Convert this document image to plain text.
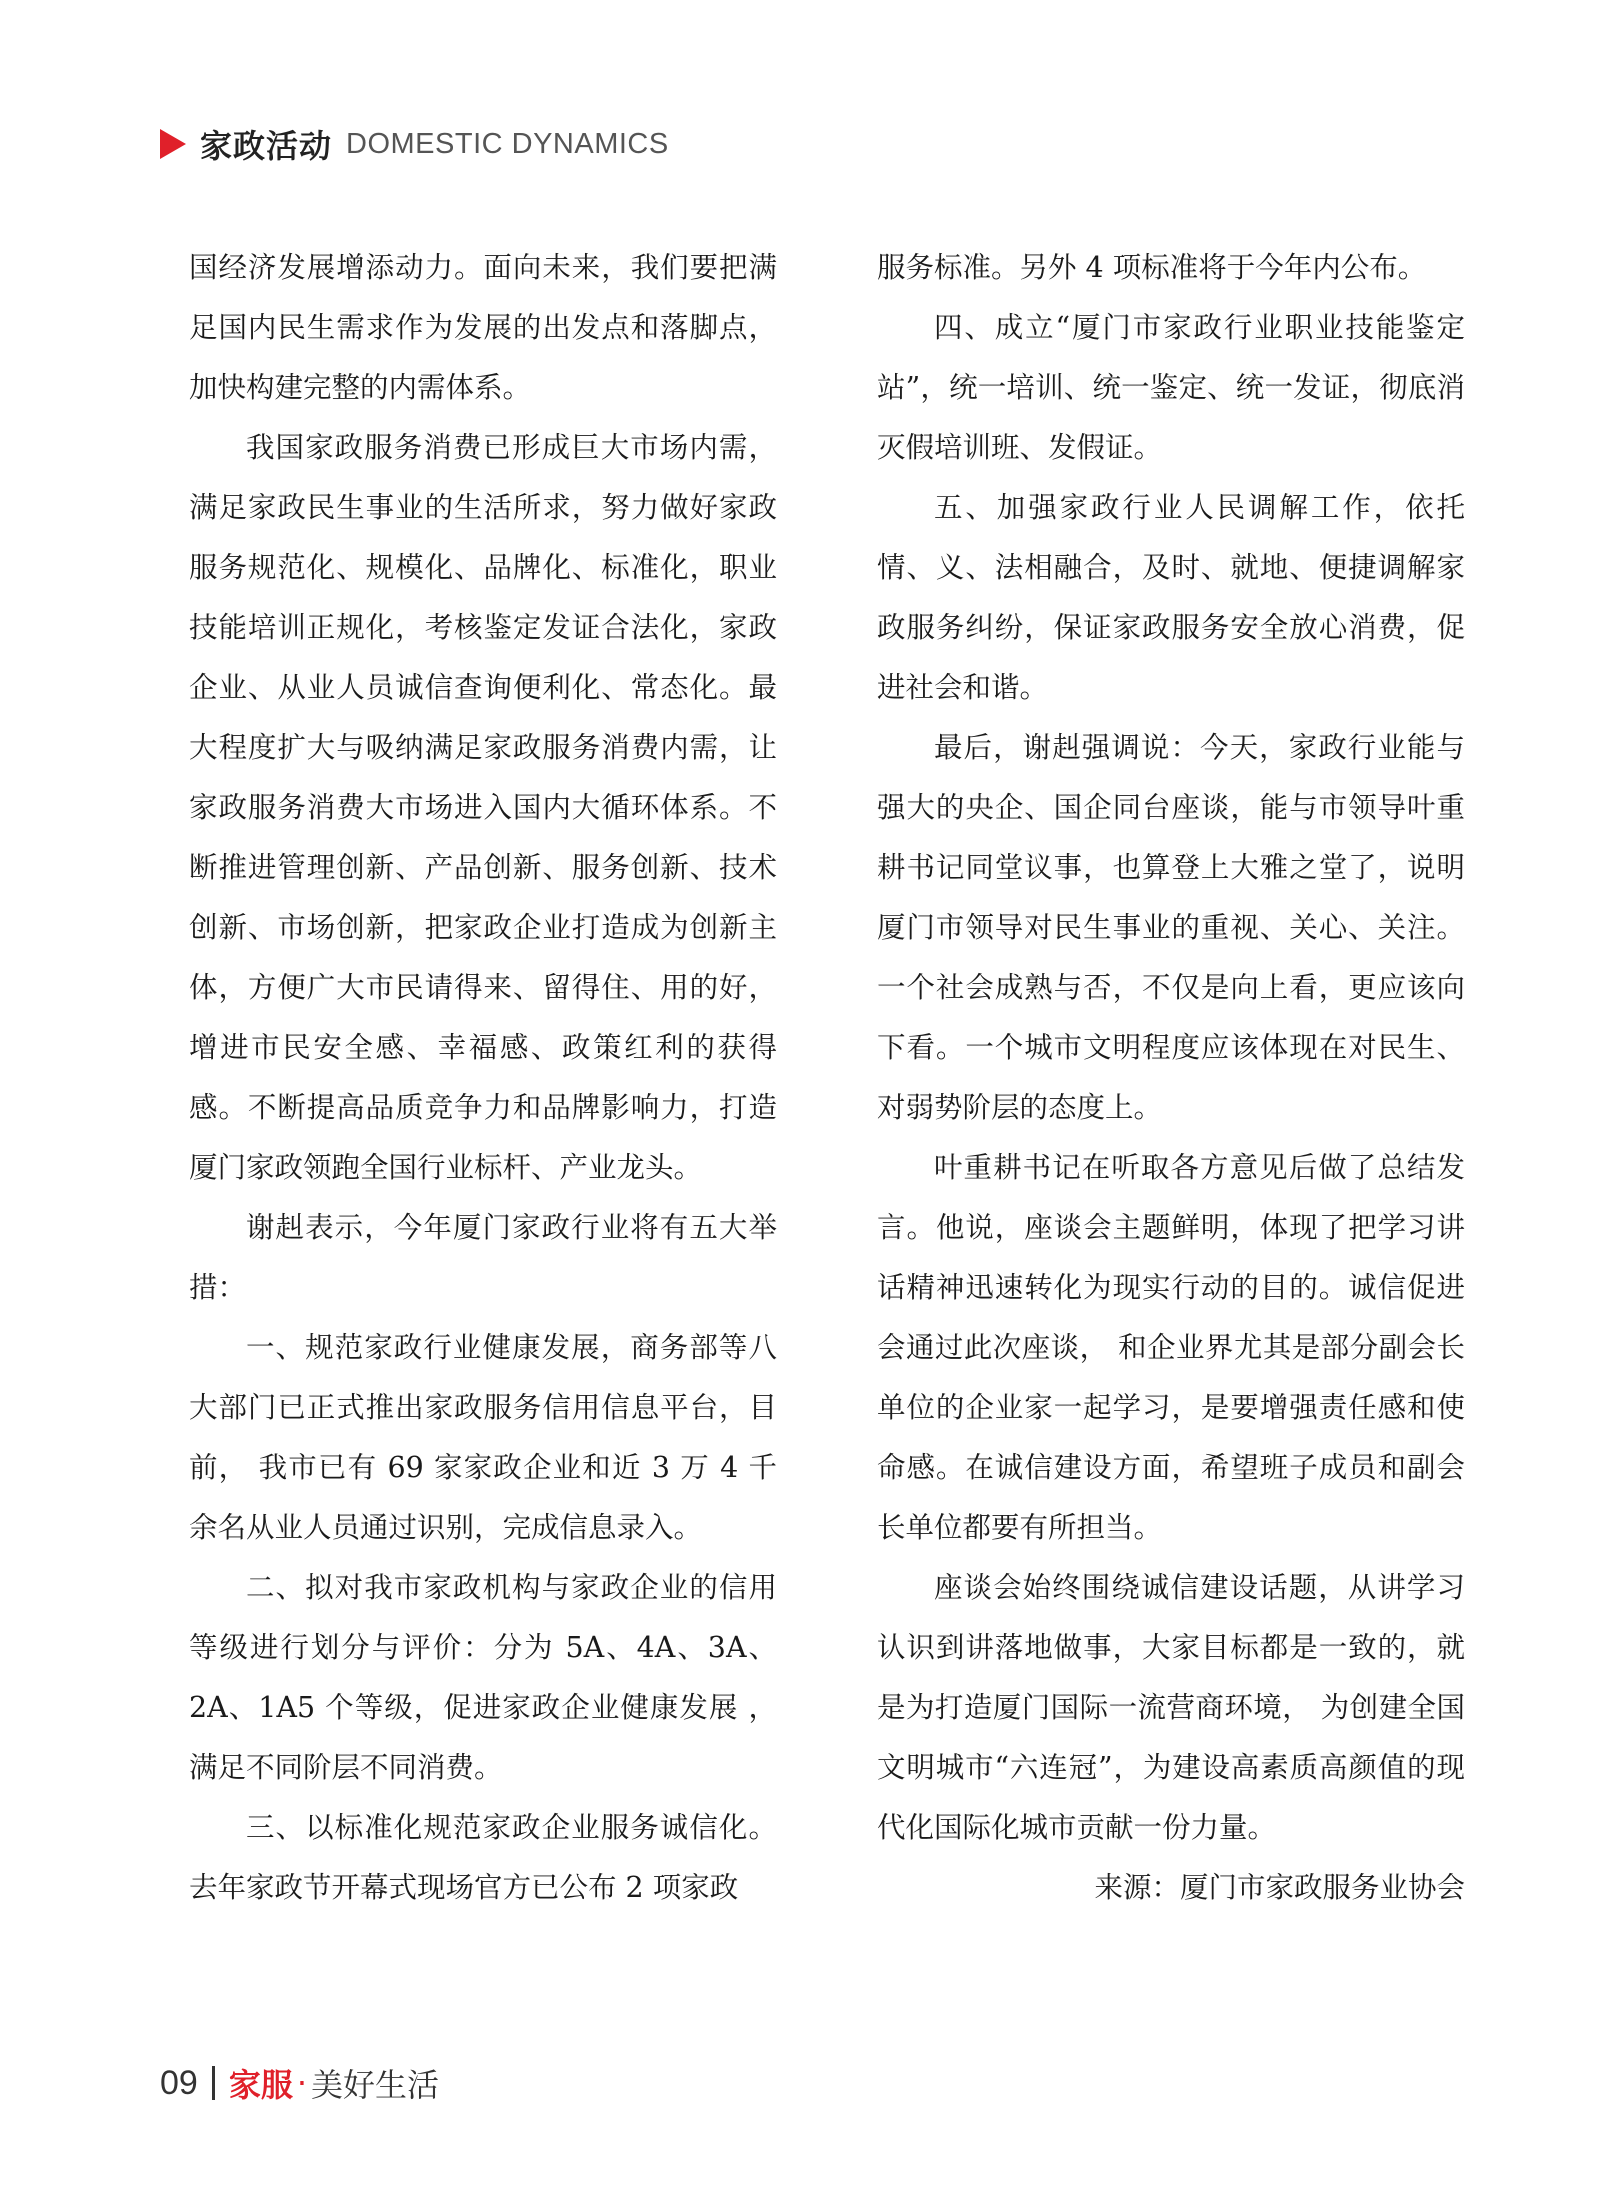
家政活动 DOMESTIC DYNAMICS

国经济发展增添动力。面向未来，我们要把满足国内民生需求作为发展的出发点和落脚点，加快构建完整的内需体系。

我国家政服务消费已形成巨大市场内需，满足家政民生事业的生活所求，努力做好家政服务规范化、规模化、品牌化、标准化，职业技能培训正规化，考核鉴定发证合法化，家政企业、从业人员诚信查询便利化、常态化。最大程度扩大与吸纳满足家政服务消费内需，让家政服务消费大市场进入国内大循环体系。不断推进管理创新、产品创新、服务创新、技术创新、市场创新，把家政企业打造成为创新主体，方便广大市民请得来、留得住、用的好，增进市民安全感、幸福感、政策红利的获得感。不断提高品质竞争力和品牌影响力，打造厦门家政领跑全国行业标杆、产业龙头。

谢赳表示，今年厦门家政行业将有五大举措：

一、规范家政行业健康发展，商务部等八大部门已正式推出家政服务信用信息平台，目前， 我市已有 69 家家政企业和近 3 万 4 千余名从业人员通过识别，完成信息录入。

二、拟对我市家政机构与家政企业的信用等级进行划分与评价：分为 5A、4A、3A、2A、1A5 个等级，促进家政企业健康发展 ，满足不同阶层不同消费。

三、以标准化规范家政企业服务诚信化。去年家政节开幕式现场官方已公布 2 项家政

服务标准。另外 4 项标准将于今年内公布。

四、成立“厦门市家政行业职业技能鉴定站”，统一培训、统一鉴定、统一发证，彻底消灭假培训班、发假证。

五、加强家政行业人民调解工作，依托情、义、法相融合，及时、就地、便捷调解家政服务纠纷，保证家政服务安全放心消费，促进社会和谐。

最后，谢赳强调说：今天，家政行业能与强大的央企、国企同台座谈，能与市领导叶重耕书记同堂议事，也算登上大雅之堂了，说明厦门市领导对民生事业的重视、关心、关注。一个社会成熟与否，不仅是向上看，更应该向下看。一个城市文明程度应该体现在对民生、对弱势阶层的态度上。

叶重耕书记在听取各方意见后做了总结发言。他说，座谈会主题鲜明，体现了把学习讲话精神迅速转化为现实行动的目的。诚信促进会通过此次座谈， 和企业界尤其是部分副会长单位的企业家一起学习，是要增强责任感和使命感。在诚信建设方面，希望班子成员和副会长单位都要有所担当。

座谈会始终围绕诚信建设话题，从讲学习认识到讲落地做事，大家目标都是一致的，就是为打造厦门国际一流营商环境， 为创建全国文明城市“六连冠”，为建设高素质高颜值的现代化国际化城市贡献一份力量。

来源：厦门市家政服务业协会

09 家服 · 美好生活
